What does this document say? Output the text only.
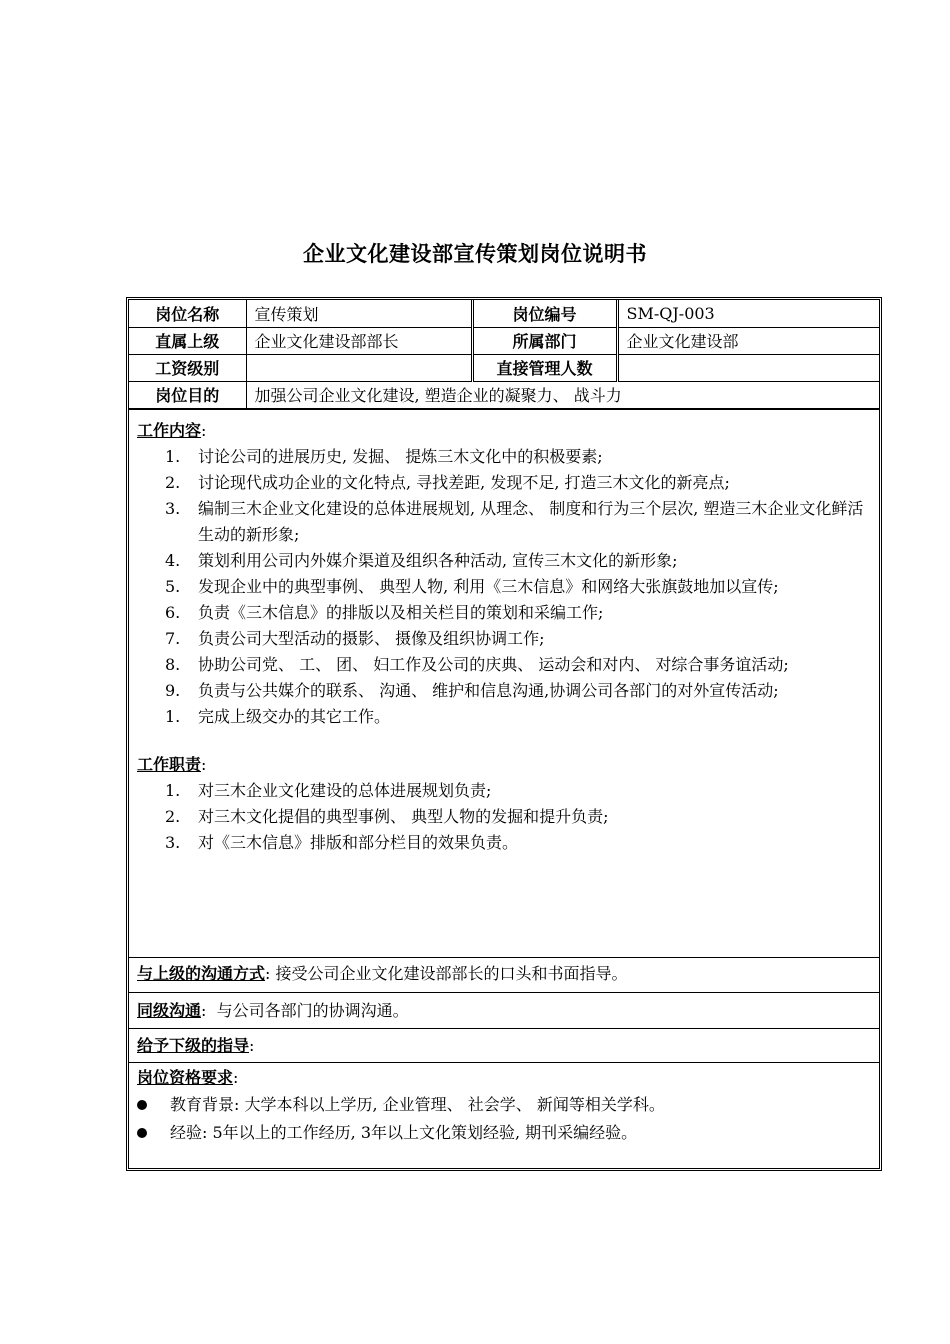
企业文化建设部宣传策划岗位说明书
岗位名称	宣传策划	岗位编号	SM-QJ-003
直属上级	企业文化建设部部长	所属部门	企业文化建设部
工资级别		直接管理人数	
岗位目的	加强公司企业文化建设, 塑造企业的凝聚力、 战斗力		
工作内容:
1. 讨论公司的进展历史, 发掘、 提炼三木文化中的积极要素;
2. 讨论现代成功企业的文化特点, 寻找差距, 发现不足, 打造三木文化的新亮点;
3. 编制三木企业文化建设的总体进展规划, 从理念、 制度和行为三个层次, 塑造三木企业文化鲜活生动的新形象;
4. 策划利用公司内外媒介渠道及组织各种活动, 宣传三木文化的新形象;
5. 发现企业中的典型事例、 典型人物, 利用《三木信息》和网络大张旗鼓地加以宣传;
6. 负责《三木信息》的排版以及相关栏目的策划和采编工作;
7. 负责公司大型活动的摄影、 摄像及组织协调工作;
8. 协助公司党、 工、 团、 妇工作及公司的庆典、 运动会和对内、 对综合事务谊活动;
9. 负责与公共媒介的联系、 沟通、 维护和信息沟通,协调公司各部门的对外宣传活动;
1. 完成上级交办的其它工作。
工作职责:
1. 对三木企业文化建设的总体进展规划负责;
2. 对三木文化提倡的典型事例、 典型人物的发掘和提升负责;
3. 对《三木信息》排版和部分栏目的效果负责。
与上级的沟通方式: 接受公司企业文化建设部部长的口头和书面指导。
同级沟通: 与公司各部门的协调沟通。
给予下级的指导:
岗位资格要求:
教育背景: 大学本科以上学历, 企业管理、 社会学、 新闻等相关学科。
经验: 5年以上的工作经历, 3年以上文化策划经验, 期刊采编经验。
